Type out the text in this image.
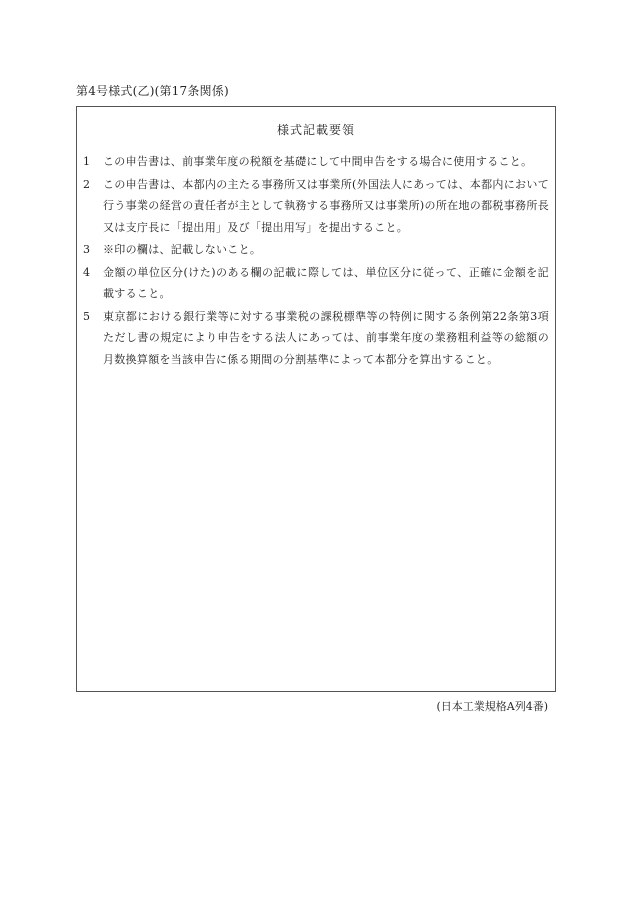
第4号様式(乙)(第17条関係)
様式記載要領
1	この申告書は、前事業年度の税額を基礎にして中間申告をする場合に使用すること。
2	この申告書は、本都内の主たる事務所又は事業所(外国法人にあっては、本都内において行う事業の経営の責任者が主として執務する事務所又は事業所)の所在地の都税事務所長又は支庁長に「提出用」及び「提出用写」を提出すること。
3	※印の欄は、記載しないこと。
4	金額の単位区分(けた)のある欄の記載に際しては、単位区分に従って、正確に金額を記載すること。
5	東京都における銀行業等に対する事業税の課税標準等の特例に関する条例第22条第3項ただし書の規定により申告をする法人にあっては、前事業年度の業務粗利益等の総額の月数換算額を当該申告に係る期間の分割基準によって本都分を算出すること。
(日本工業規格A列4番)
